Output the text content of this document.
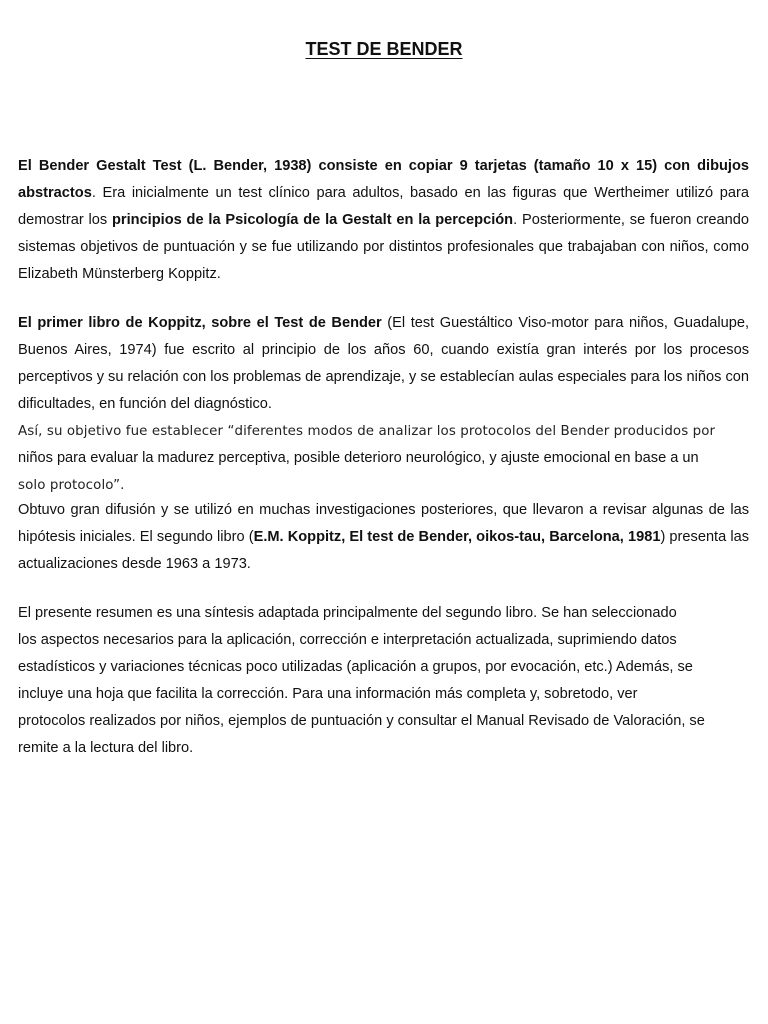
TEST DE BENDER

El Bender Gestalt Test (L. Bender, 1938) consiste en copiar 9 tarjetas (tamaño 10 x 15) con dibujos abstractos. Era inicialmente un test clínico para adultos, basado en las figuras que Wertheimer utilizó para demostrar los principios de la Psicología de la Gestalt en la percepción. Posteriormente, se fueron creando sistemas objetivos de puntuación y se fue utilizando por distintos profesionales que trabajaban con niños, como Elizabeth Münsterberg Koppitz.

El primer libro de Koppitz, sobre el Test de Bender (El test Guestáltico Viso-motor para niños, Guadalupe, Buenos Aires, 1974) fue escrito al principio de los años 60, cuando existía gran interés por los procesos perceptivos y su relación con los problemas de aprendizaje, y se establecían aulas especiales para los niños con dificultades, en función del diagnóstico.

Así, su objetivo fue establecer “diferentes modos de analizar los protocolos del Bender producidos por
niños para evaluar la madurez perceptiva, posible deterioro neurológico, y ajuste emocional en base a un
solo protocolo”.

Obtuvo gran difusión y se utilizó en muchas investigaciones posteriores, que llevaron a revisar algunas de las hipótesis iniciales. El segundo libro (E.M. Koppitz, El test de Bender, oikos-tau, Barcelona, 1981) presenta las actualizaciones desde 1963 a 1973.

El presente resumen es una síntesis adaptada principalmente del segundo libro. Se han seleccionado
los aspectos necesarios para la aplicación, corrección e interpretación actualizada, suprimiendo datos
estadísticos y variaciones técnicas poco utilizadas (aplicación a grupos, por evocación, etc.) Además, se
incluye una hoja que facilita la corrección. Para una información más completa y, sobretodo, ver
protocolos realizados por niños, ejemplos de puntuación y consultar el Manual Revisado de Valoración, se
remite a la lectura del libro.
